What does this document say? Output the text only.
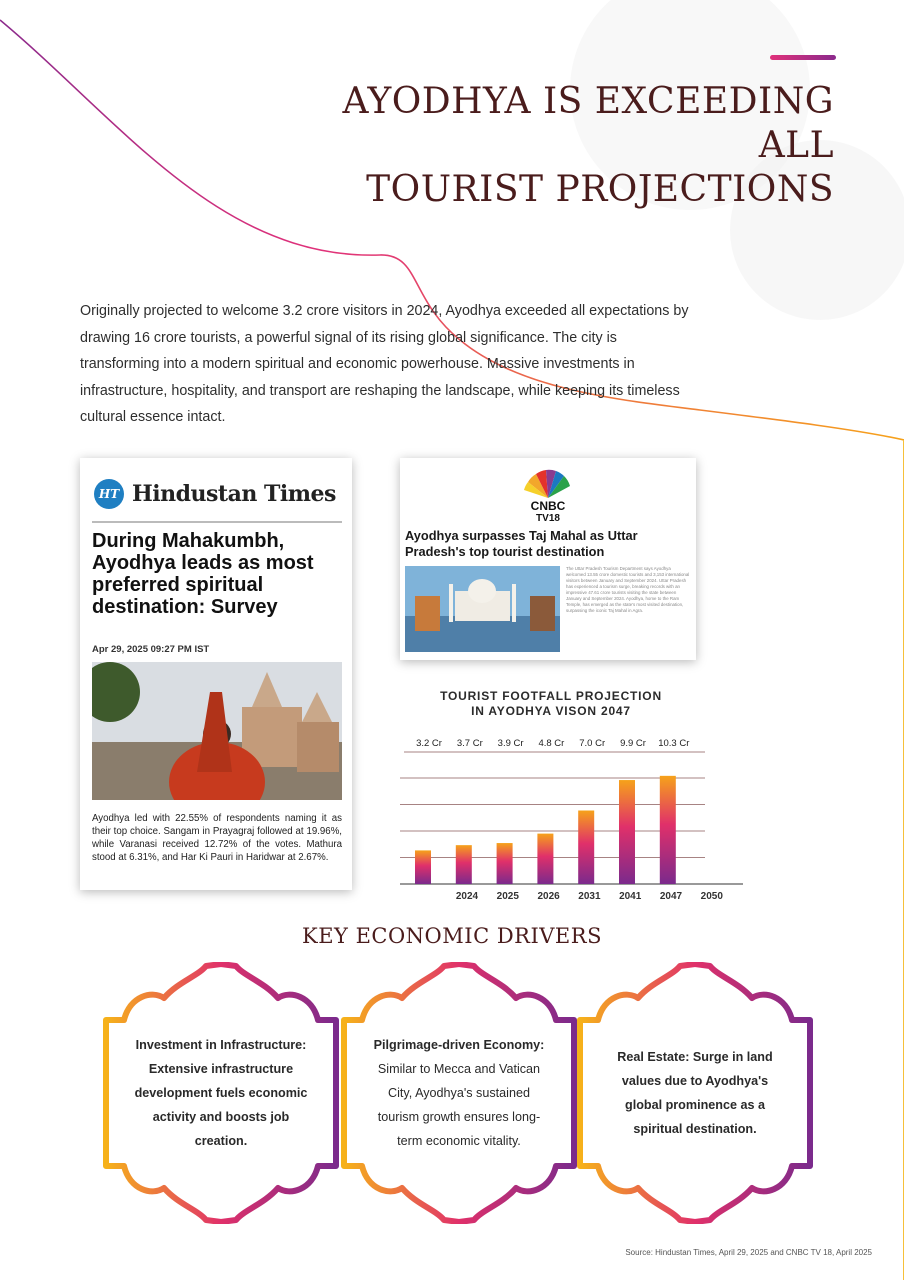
AYODHYA IS EXCEEDING ALL
TOURIST PROJECTIONS
Originally projected to welcome 3.2 crore visitors in 2024, Ayodhya exceeded all expectations by drawing 16 crore tourists, a powerful signal of its rising global significance. The city is transforming into a modern spiritual and economic powerhouse. Massive investments in infrastructure, hospitality, and transport are reshaping the landscape, while keeping its timeless cultural essence intact.
HT Hindustan Times
During Mahakumbh, Ayodhya leads as most preferred spiritual destination: Survey
Apr 29, 2025 09:27 PM IST
Ayodhya led with 22.55% of respondents naming it as their top choice. Sangam in Prayagraj followed at 19.96%, while Varanasi received 12.72% of the votes. Mathura stood at 6.31%, and Har Ki Pauri in Haridwar at 2.67%.
CNBC
TV18
Ayodhya surpasses Taj Mahal as Uttar Pradesh's top tourist destination
The Uttar Pradesh Tourism Department says Ayodhya welcomed 13.55 crore domestic tourists and 3,153 international visitors between January and September 2024. Uttar Pradesh has experienced a tourism surge, breaking records with an impressive 47.61 crore tourists visiting the state between January and September 2024. Ayodhya, home to the Ram Temple, has emerged as the state's most visited destination, surpassing the iconic Taj Mahal in Agra.
TOURIST FOOTFALL PROJECTION
IN AYODHYA VISON 2047
3.2 Cr 3.7 Cr 3.9 Cr 4.8 Cr 7.0 Cr 9.9 Cr 10.3 Cr
2024 2025 2026 2031 2041 2047 2050
KEY ECONOMIC DRIVERS
Investment in Infrastructure: Extensive infrastructure development fuels economic activity and boosts job creation.
Pilgrimage-driven Economy: Similar to Mecca and Vatican City, Ayodhya's sustained tourism growth ensures long-term economic vitality.
Real Estate: Surge in land values due to Ayodhya's global prominence as a spiritual destination.
Source: Hindustan Times, April 29, 2025 and CNBC TV 18, April 2025
